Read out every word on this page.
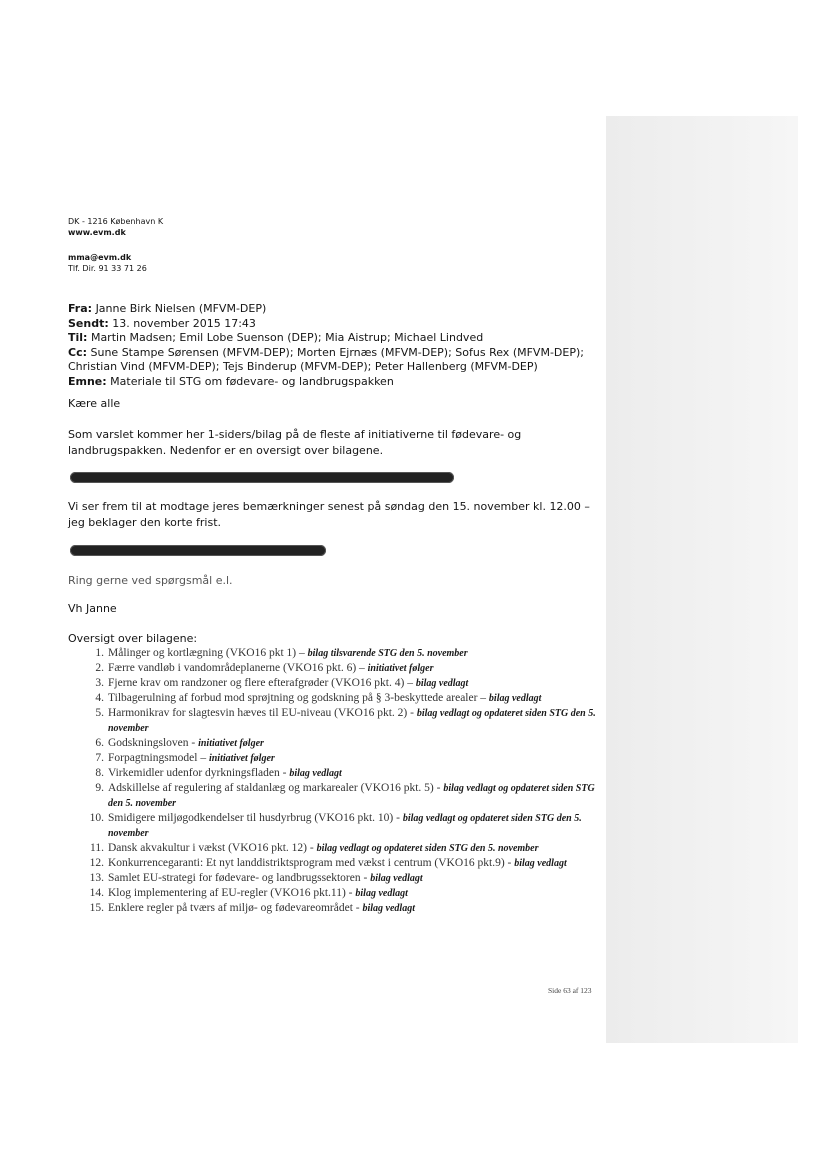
DK - 1216 København K
www.evm.dk
mma@evm.dk
Tlf. Dir. 91 33 71 26
Fra: Janne Birk Nielsen (MFVM-DEP)
Sendt: 13. november 2015 17:43
Til: Martin Madsen; Emil Lobe Suenson (DEP); Mia Aistrup; Michael Lindved
Cc: Sune Stampe Sørensen (MFVM-DEP); Morten Ejrnæs (MFVM-DEP); Sofus Rex (MFVM-DEP); Christian Vind (MFVM-DEP); Tejs Binderup (MFVM-DEP); Peter Hallenberg (MFVM-DEP)
Emne: Materiale til STG om fødevare- og landbrugspakken
Kære alle
Som varslet kommer her 1-siders/bilag på de fleste af initiativerne til fødevare- og landbrugspakken. Nedenfor er en oversigt over bilagene.
Vi ser frem til at modtage jeres bemærkninger senest på søndag den 15. november kl. 12.00 – jeg beklager den korte frist.
Ring gerne ved spørgsmål e.l.
Vh Janne
Oversigt over bilagene:
1. Målinger og kortlægning (VKO16 pkt 1) – bilag tilsvarende STG den 5. november
2. Færre vandløb i vandområdeplanerne (VKO16 pkt. 6) – initiativet følger
3. Fjerne krav om randzoner og flere efterafgrøder (VKO16 pkt. 4) – bilag vedlagt
4. Tilbagerulning af forbud mod sprøjtning og godskning på § 3-beskyttede arealer – bilag vedlagt
5. Harmonikrav for slagtesvin hæves til EU-niveau (VKO16 pkt. 2) - bilag vedlagt og opdateret siden STG den 5. november
6. Godskningsloven - initiativet følger
7. Forpagtningsmodel – initiativet følger
8. Virkemidler udenfor dyrkningsfladen - bilag vedlagt
9. Adskillelse af regulering af staldanlæg og markarealer (VKO16 pkt. 5) - bilag vedlagt og opdateret siden STG den 5. november
10. Smidigere miljøgodkendelser til husdyrbrug (VKO16 pkt. 10) - bilag vedlagt og opdateret siden STG den 5. november
11. Dansk akvakultur i vækst (VKO16 pkt. 12) - bilag vedlagt og opdateret siden STG den 5. november
12. Konkurrencegaranti: Et nyt landdistriktsprogram med vækst i centrum (VKO16 pkt.9) - bilag vedlagt
13. Samlet EU-strategi for fødevare- og landbrugssektoren - bilag vedlagt
14. Klog implementering af EU-regler (VKO16 pkt.11) - bilag vedlagt
15. Enklere regler på tværs af miljø- og fødevareområdet - bilag vedlagt
Side 63 af 123
